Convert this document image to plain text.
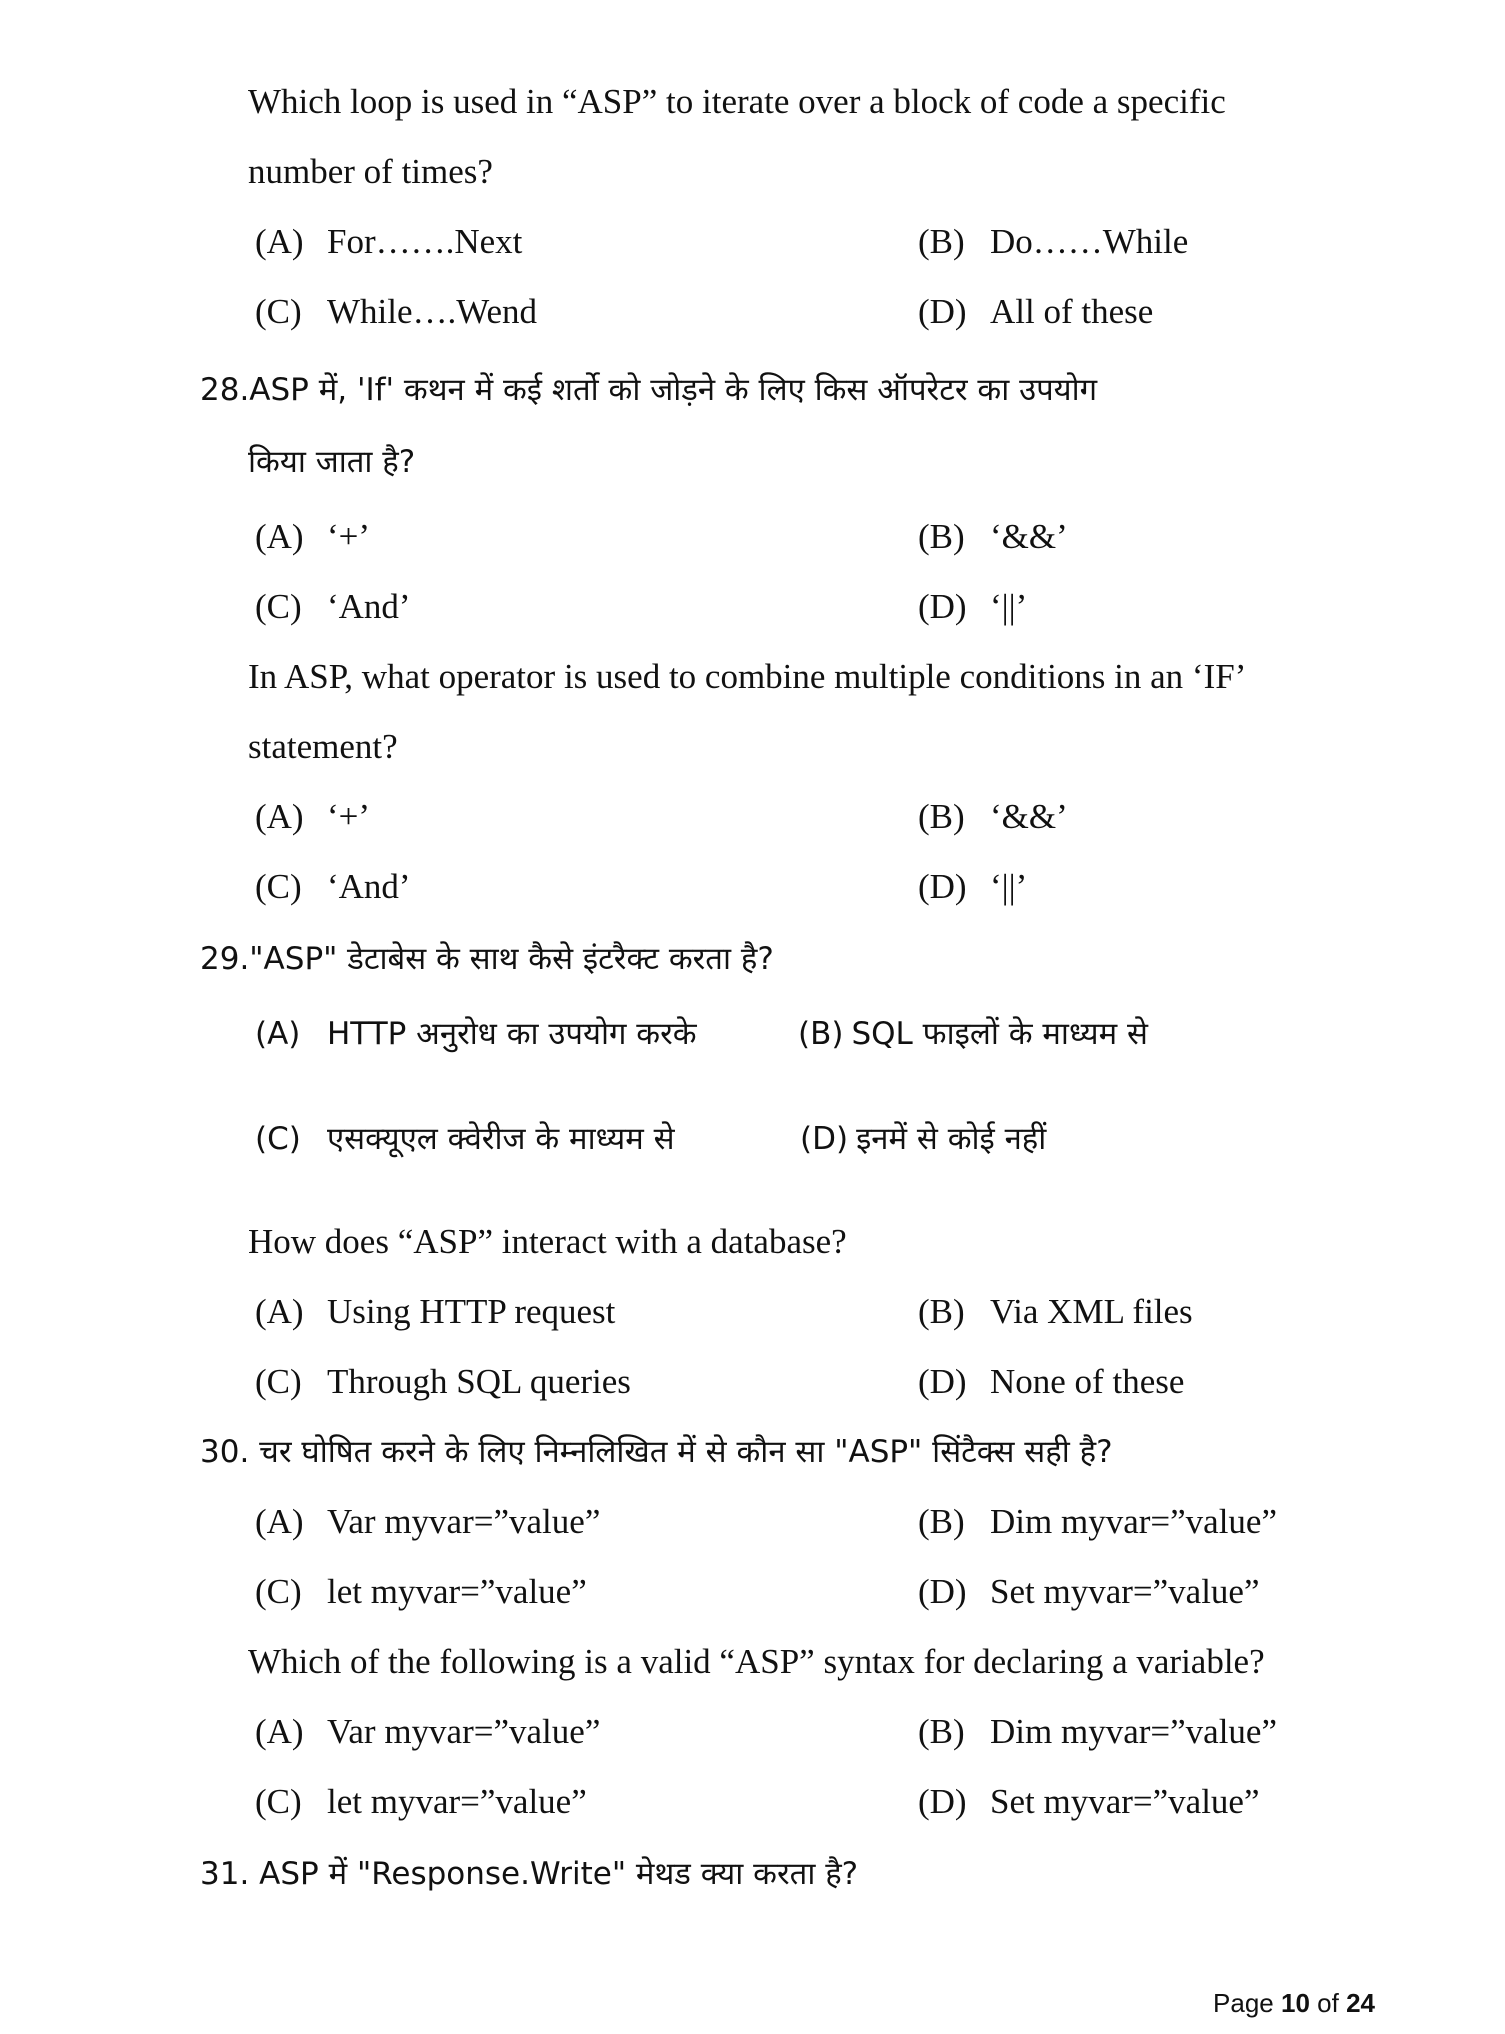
Which loop is used in “ASP” to iterate over a block of code a specific
number of times?
(A) For…….Next	(B) Do……While
(C) While….Wend	(D) All of these
28.ASP में, 'If' कथन में कई शर्तो को जोड़ने के लिए किस ऑपरेटर का उपयोग
किया जाता है?
(A) ‘+’	(B) ‘&&’
(C) ‘And’	(D) ‘||’
In ASP, what operator is used to combine multiple conditions in an ‘IF’
statement?
(A) ‘+’	(B) ‘&&’
(C) ‘And’	(D) ‘||’
29."ASP" डेटाबेस के साथ कैसे इंटरैक्ट करता है?
(A) HTTP अनुरोध का उपयोग करके	(B) SQL फाइलों के माध्यम से
(C) एसक्यूएल क्वेरीज के माध्यम से	(D) इनमें से कोई नहीं
How does “ASP” interact with a database?
(A) Using HTTP request	(B) Via XML files
(C) Through SQL queries	(D) None of these
30. चर घोषित करने के लिए निम्नलिखित में से कौन सा "ASP" सिंटैक्स सही है?
(A) Var myvar=”value”	(B) Dim myvar=”value”
(C) let myvar=”value”	(D) Set myvar=”value”
Which of the following is a valid “ASP” syntax for declaring a variable?
(A) Var myvar=”value”	(B) Dim myvar=”value”
(C) let myvar=”value”	(D) Set myvar=”value”
31. ASP में "Response.Write" मेथड क्या करता है?
Page 10 of 24
